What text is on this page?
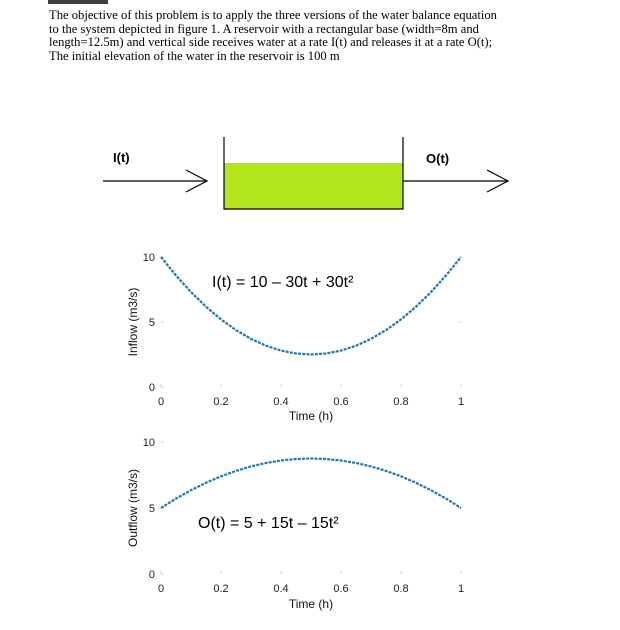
The objective of this problem is to apply the three versions of the water balance equation
to the system depicted in figure 1. A reservoir with a rectangular base (width=8m and
length=12.5m) and vertical side receives water at a rate I(t) and releases it at a rate O(t);
The initial elevation of the water in the reservoir is 100 m
I(t)	O(t)
0	0.2	0.4	0.6	0.8	1
0
5
10
I(t) = 10 – 30t + 30t²
Time (h)
Inflow (m3/s)
0	0.2	0.4	0.6	0.8	1
0
5
10
O(t) = 5 + 15t – 15t²
Time (h)
Outflow (m3/s)
